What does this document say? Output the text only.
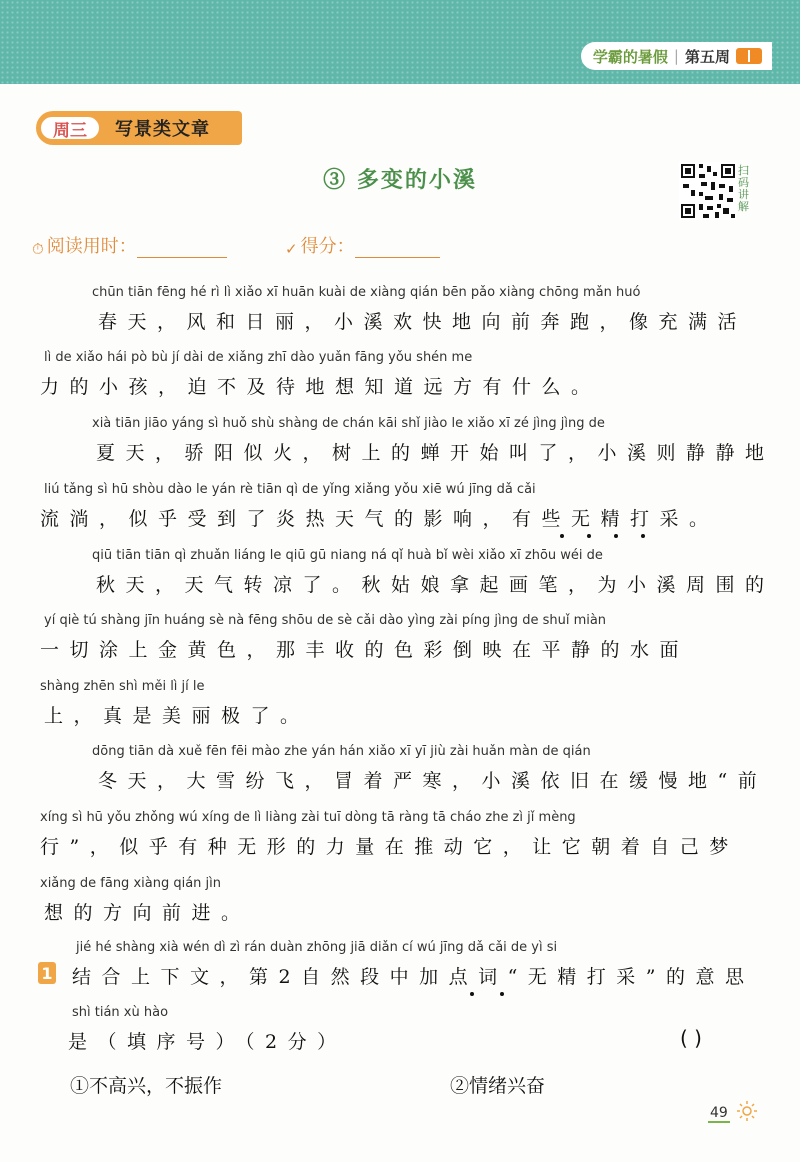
学霸的暑假 | 第五周
周三	写景类文章
③ 多变的小溪	扫码讲解
⏱ 阅读用时：	✓ 得分：
chūn tiān fēng hé rì lì xiǎo xī huān kuài de xiàng qián bēn pǎo xiàng chōng mǎn huó
春天，风和日丽，小溪欢快地向前奔跑，像充满活
lì de xiǎo hái pò bù jí dài de xiǎng zhī dào yuǎn fāng yǒu shén me
力的小孩，迫不及待地想知道远方有什么。
xià tiān jiāo yáng sì huǒ shù shàng de chán kāi shǐ jiào le xiǎo xī zé jìng jìng de
夏天，骄阳似火，树上的蝉开始叫了，小溪则静静地
liú tǎng sì hū shòu dào le yán rè tiān qì de yǐng xiǎng yǒu xiē wú jīng dǎ cǎi
流淌，似乎受到了炎热天气的影响，有些无精打采。
qiū tiān tiān qì zhuǎn liáng le qiū gū niang ná qǐ huà bǐ wèi xiǎo xī zhōu wéi de
秋天，天气转凉了。秋姑娘拿起画笔，为小溪周围的
yí qiè tú shàng jīn huáng sè nà fēng shōu de sè cǎi dào yìng zài píng jìng de shuǐ miàn
一切涂上金黄色，那丰收的色彩倒映在平静的水面
shàng zhēn shì měi lì jí le
上，真是美丽极了。
dōng tiān dà xuě fēn fēi mào zhe yán hán xiǎo xī yī jiù zài huǎn màn de qián
冬天，大雪纷飞，冒着严寒，小溪依旧在缓慢地“前
xíng sì hū yǒu zhǒng wú xíng de lì liàng zài tuī dòng tā ràng tā cháo zhe zì jǐ mèng
行”，似乎有种无形的力量在推动它，让它朝着自己梦
xiǎng de fāng xiàng qián jìn
想的方向前进。
1
jié hé shàng xià wén dì zì rán duàn zhōng jiā diǎn cí wú jīng dǎ cǎi de yì si
结合上下文，第2自然段中加点词“无精打采”的意思
shì tián xù hào
是（填序号）（2分）	( )
①不高兴，不振作	②情绪兴奋
49
